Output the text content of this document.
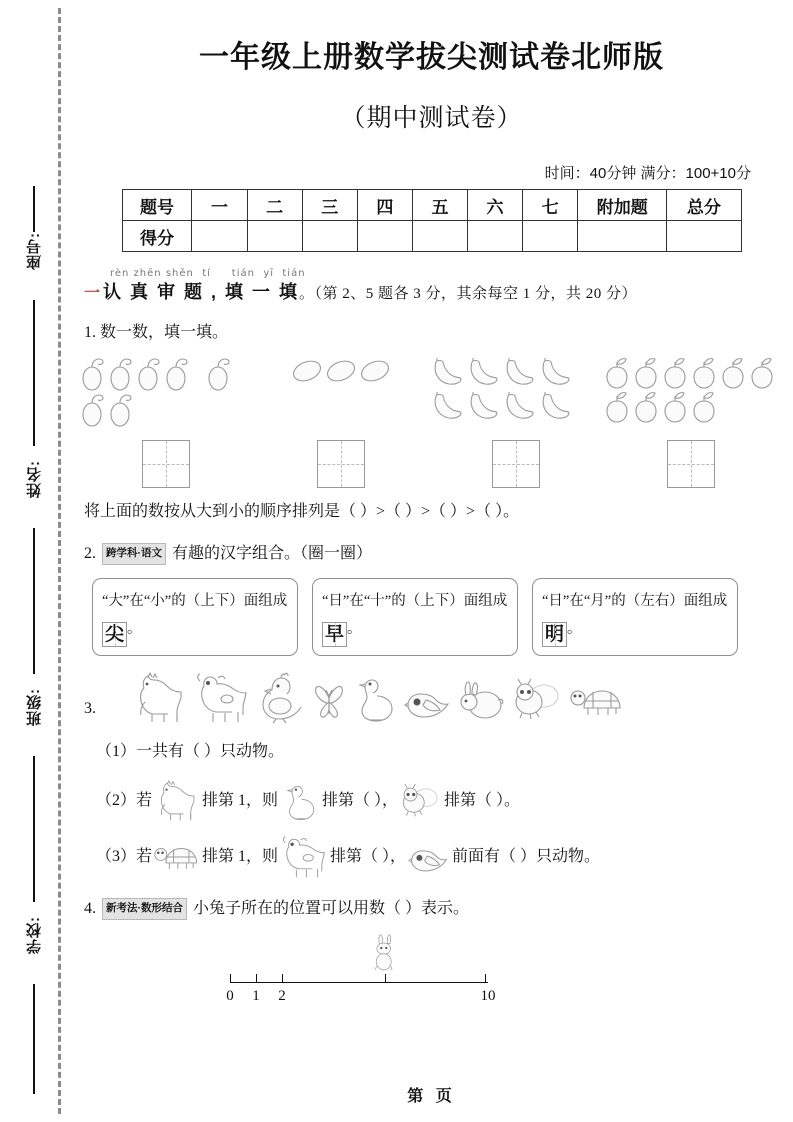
座号:
姓名:
班级:
学校:
一年级上册数学拔尖测试卷北师版
（期中测试卷）
时间：40分钟 满分：100+10分
题号	一	二	三	四	五	六	七	附加题	总分
得分									
rèn zhēn shěn  tí     tián  yī  tián
一 认 真 审 题 , 填 一 填 。（第 2、5 题各 3 分，其余每空 1 分，共 20 分）
1. 数一数，填一填。
将上面的数按从大到小的顺序排列是（ ）>（ ）>（ ）>（ ）。
2. 跨学科·语文 有趣的汉字组合。（圈一圈）
“大”在“小”的（上下）面组成尖 。
“日”在“十”的（上下）面组成早 。
“日”在“月”的（左右）面组成明 。
3.
（1）一共有（ ）只动物。
（2）若	排第 1，则	排第（ ），	排第（ ）。
（3）若	排第 1，则	排第（ ），	前面有（ ）只动物。
4. 新考法·数形结合 小兔子所在的位置可以用数（ ）表示。
0 1 2	10
第 页
